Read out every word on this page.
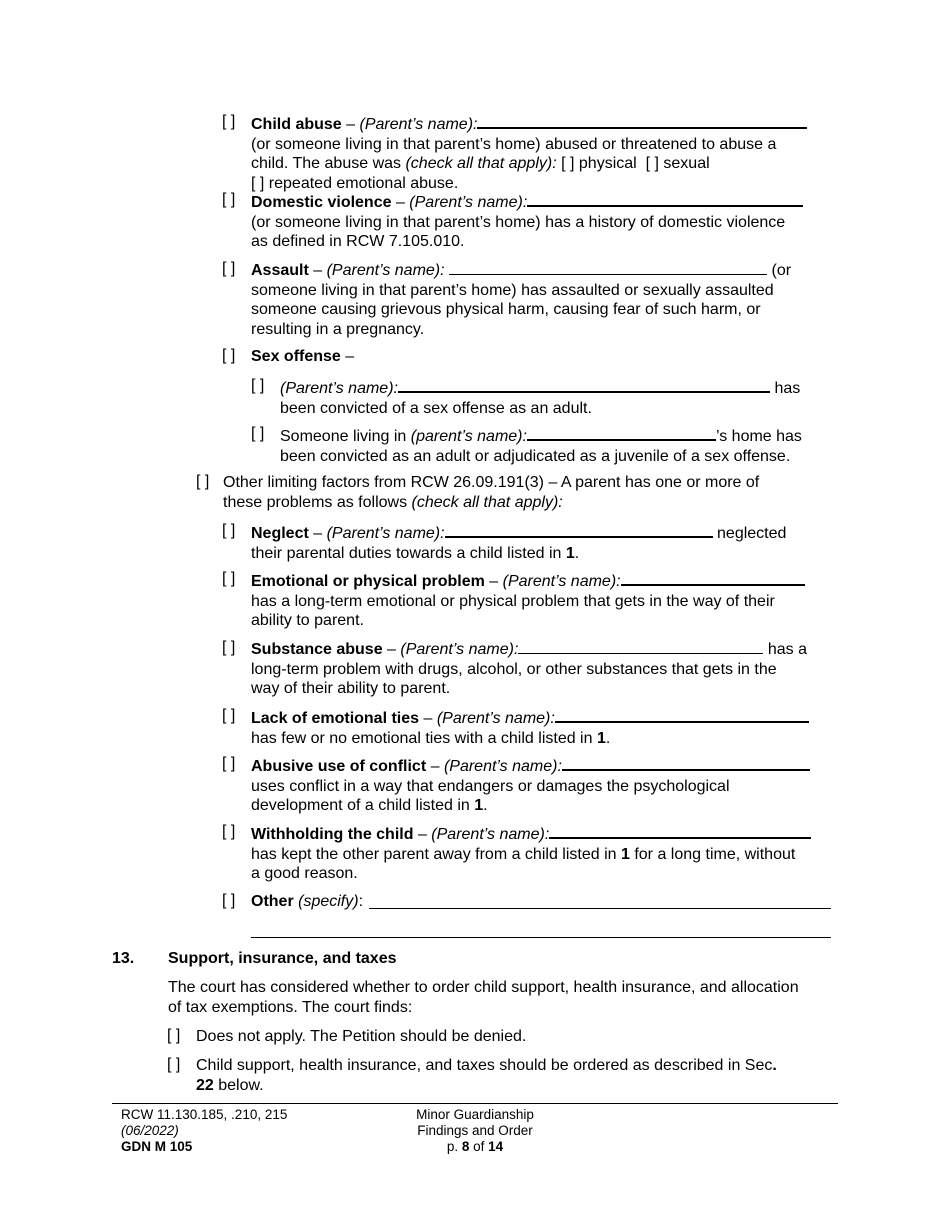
[ ] Child abuse – (Parent’s name):
(or someone living in that parent’s home) abused or threatened to abuse a
child. The abuse was (check all that apply): [ ] physical [ ] sexual
[ ] repeated emotional abuse.
[ ] Domestic violence – (Parent’s name):
(or someone living in that parent’s home) has a history of domestic violence
as defined in RCW 7.105.010.
[ ] Assault – (Parent’s name):	(or
someone living in that parent’s home) has assaulted or sexually assaulted
someone causing grievous physical harm, causing fear of such harm, or
resulting in a pregnancy.
[ ] Sex offense –
[ ] (Parent’s name):	has
been convicted of a sex offense as an adult.
[ ] Someone living in (parent’s name):	’s home has
been convicted as an adult or adjudicated as a juvenile of a sex offense.
[ ] Other limiting factors from RCW 26.09.191(3) – A parent has one or more of
these problems as follows (check all that apply):
[ ] Neglect – (Parent’s name):	neglected
their parental duties towards a child listed in 1.
[ ] Emotional or physical problem – (Parent’s name):
has a long-term emotional or physical problem that gets in the way of their
ability to parent.
[ ] Substance abuse – (Parent’s name):	has a
long-term problem with drugs, alcohol, or other substances that gets in the
way of their ability to parent.
[ ] Lack of emotional ties – (Parent’s name):
has few or no emotional ties with a child listed in 1.
[ ] Abusive use of conflict – (Parent’s name):
uses conflict in a way that endangers or damages the psychological
development of a child listed in 1.
[ ] Withholding the child – (Parent’s name):
has kept the other parent away from a child listed in 1 for a long time, without
a good reason.
[ ] Other (specify):
13. Support, insurance, and taxes
The court has considered whether to order child support, health insurance, and allocation
of tax exemptions. The court finds:
[ ] Does not apply. The Petition should be denied.
[ ] Child support, health insurance, and taxes should be ordered as described in Sec.
22 below.
RCW 11.130.185, .210, 215
(06/2022)
GDN M 105
Minor Guardianship
Findings and Order
p. 8 of 14
